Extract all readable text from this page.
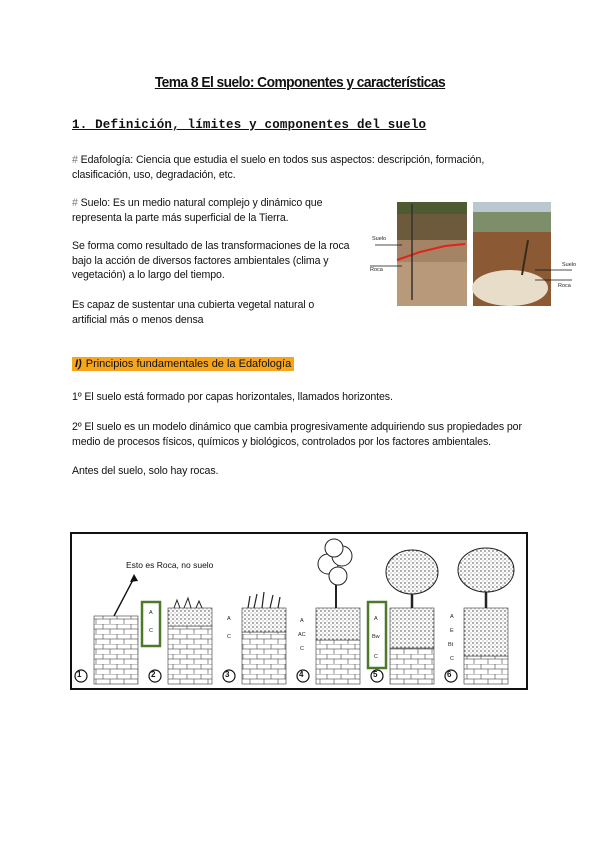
Tema 8 El suelo: Componentes y características
1. Definición, límites y componentes del suelo
# Edafología: Ciencia que estudia el suelo en todos sus aspectos: descripción, formación, clasificación, uso, degradación, etc.
# Suelo: Es un medio natural complejo y dinámico que representa la parte más superficial de la Tierra.
Se forma como resultado de las transformaciones de la roca bajo la acción de diversos factores ambientales (clima y vegetación) a lo largo del tiempo.
Es capaz de sustentar una cubierta vegetal natural o artificial más o menos densa
Suelo
Roca
Suelo
Roca
I) Principios fundamentales de la Edafología
1º El suelo está formado por capas horizontales, llamados horizontes.
2º El suelo es un modelo dinámico que cambia progresivamente adquiriendo sus propiedades por medio de procesos físicos, químicos y biológicos, controlados por los factores ambientales.
Antes del suelo, solo hay rocas.
Esto es Roca, no suelo
1	2	3	4	5	6
A
C
A
C
A
AC
C
A
Bw
C
A
E
Bt
C
